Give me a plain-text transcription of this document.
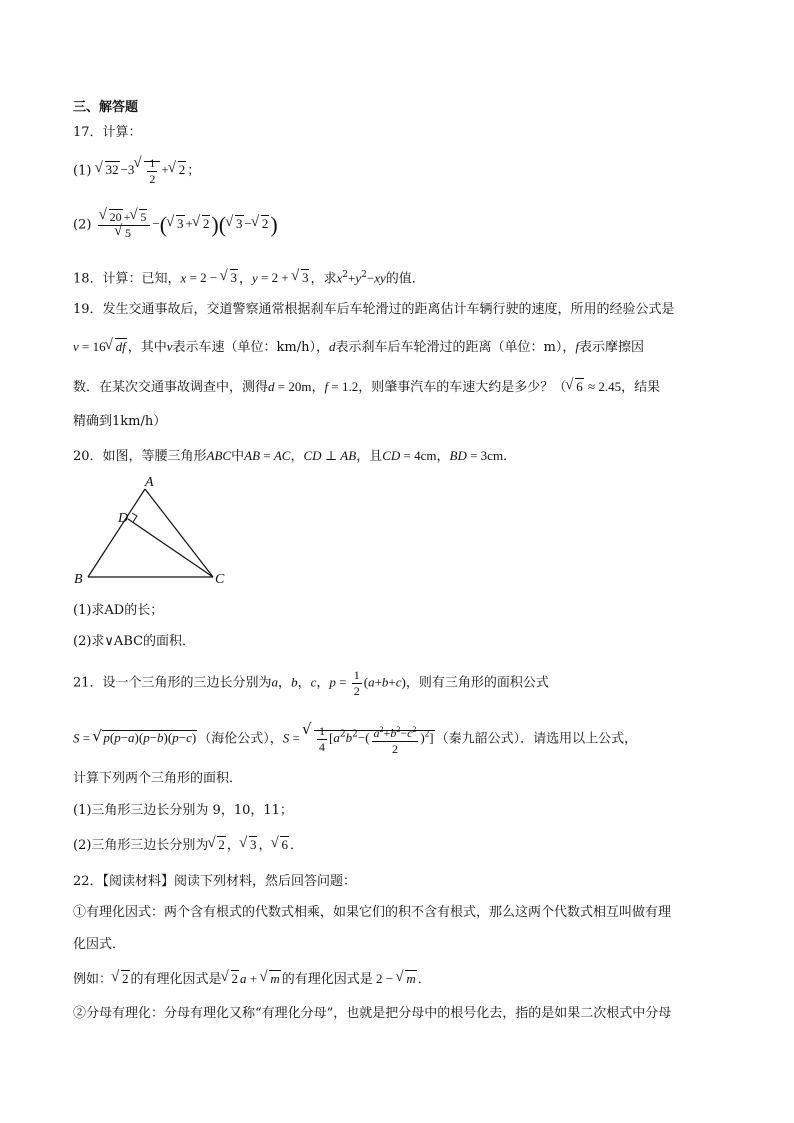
三、解答题
17．计算：
(1) √ 32 −3 √ $\frac{1}{2}$ + √ 2 ；
(2) √ 20 + √ 5
√ 5 −( √ 3 + √ 2)( √ 3 − √ 2)
18．计算：已知，x = 2 − √ 3 ，y = 2 + √ 3 ，求$x^2+y^2-xy$的值．
19．发生交通事故后，交道警察通常根据刹车后车轮滑过的距离估计车辆行驶的速度，所用的经验公式是
v = 16 √ df ，其中v表示车速（单位：km/h），d表示刹车后车轮滑过的距离（单位：m），f表示摩擦因
数．在某次交通事故调查中，测得d = 20m，f = 1.2，则肇事汽车的车速大约是多少？（ √ 6 ≈ 2.45，结果
精确到1km/h）
20．如图，等腰三角形ABC中AB = AC，CD ⊥ AB，且CD = 4cm，BD = 3cm．
A
D
B	C
(1)求AD的长；
(2)求∨ABC的面积．
21．设一个三角形的三边长分别为a，b，c，$p = \frac{1}{2} (a+b+c)$，则有三角形的面积公式
S = √ p(p−a)(p−b)(p−c) （海伦公式），S = √ $\frac{1}{4} [a^2b^2-( \frac{a^2+b^2-c^2}{2} )^2]$ （秦九韶公式）．请选用以上公式，
计算下列两个三角形的面积．
(1)三角形三边长分别为 9，10，11；
(2)三角形三边长分别为 √ 2 ， √ 3 ， √ 6 ．
22．【阅读材料】阅读下列材料，然后回答问题：
①有理化因式：两个含有根式的代数式相乘，如果它们的积不含有根式，那么这两个代数式相互叫做有理
化因式．
例如： √ 2 的有理化因式是 √ 2 a + √ m 的有理化因式是 2 − √ m ．
②分母有理化：分母有理化又称“有理化分母”，也就是把分母中的根号化去，指的是如果二次根式中分母
